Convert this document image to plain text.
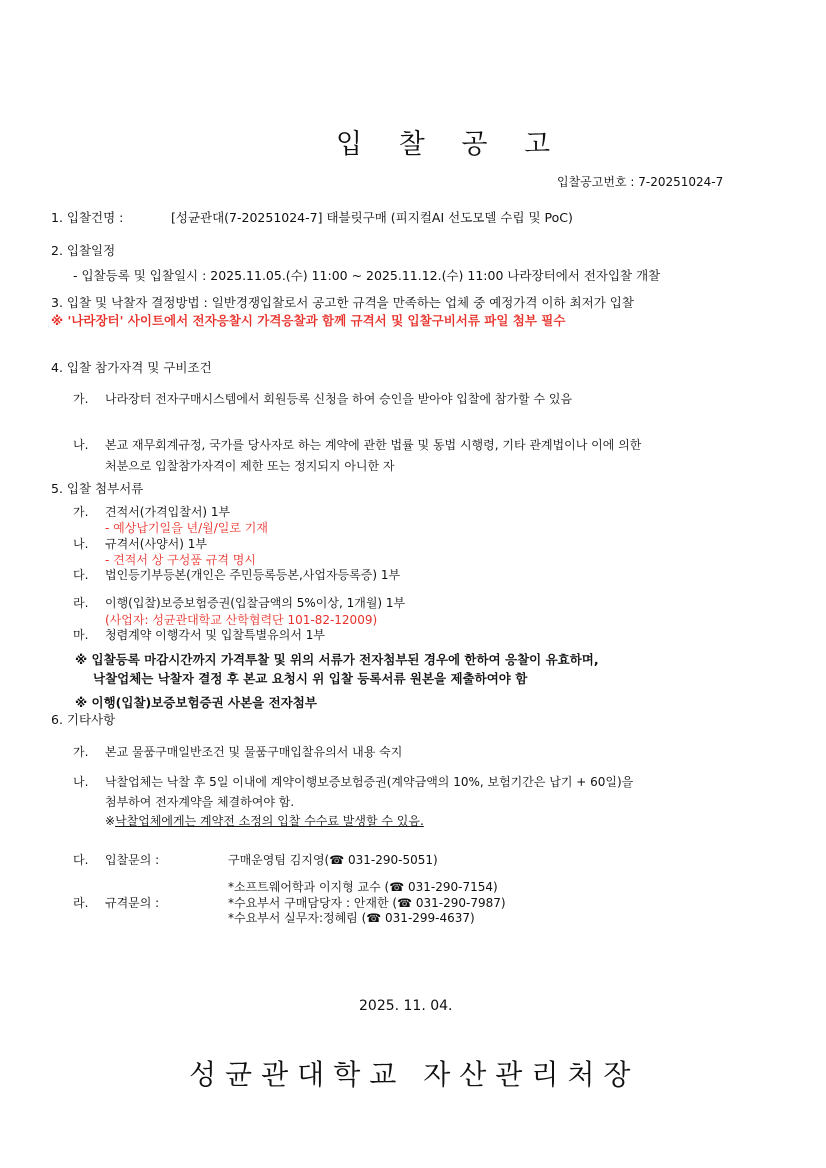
입 찰 공 고
입찰공고번호 : 7-20251024-7
1. 입찰건명 :	[성균관대(7-20251024-7] 태블릿구매 (피지컬AI 선도모델 수립 및 PoC)
2. 입찰일정
- 입찰등록 및 입찰일시 : 2025.11.05.(수) 11:00 ~ 2025.11.12.(수) 11:00 나라장터에서 전자입찰 개찰
3. 입찰 및 낙찰자 결정방법 : 일반경쟁입찰로서 공고한 규격을 만족하는 업체 중 예정가격 이하 최저가 입찰
※ '나라장터' 사이트에서 전자응찰시 가격응찰과 함께 규격서 및 입찰구비서류 파일 첨부 필수
4. 입찰 참가자격 및 구비조건
가. 나라장터 전자구매시스템에서 회원등록 신청을 하여 승인을 받아야 입찰에 참가할 수 있음
나. 본교 재무회계규정, 국가를 당사자로 하는 계약에 관한 법률 및 동법 시행령, 기타 관계법이나 이에 의한
처분으로 입찰참가자격이 제한 또는 정지되지 아니한 자
5. 입찰 첨부서류
가. 견적서(가격입찰서) 1부
- 예상납기일을 년/월/일로 기재
나. 규격서(사양서) 1부
- 견적서 상 구성품 규격 명시
다. 법인등기부등본(개인은 주민등록등본,사업자등록증) 1부
라. 이행(입찰)보증보험증권(입찰금액의 5%이상, 1개월) 1부
(사업자: 성균관대학교 산학협력단 101-82-12009)
마. 청렴계약 이행각서 및 입찰특별유의서 1부
※ 입찰등록 마감시간까지 가격투찰 및 위의 서류가 전자첨부된 경우에 한하여 응찰이 유효하며,
낙찰업체는 낙찰자 결정 후 본교 요청시 위 입찰 등록서류 원본을 제출하여야 함
※ 이행(입찰)보증보험증권 사본을 전자첨부
6. 기타사항
가. 본교 물품구매일반조건 및 물품구매입찰유의서 내용 숙지
나. 낙찰업체는 낙찰 후 5일 이내에 계약이행보증보험증권(계약금액의 10%, 보험기간은 납기 + 60일)을
첨부하여 전자계약을 체결하여야 함.
※낙찰업체에게는 계약전 소정의 입찰 수수료 발생할 수 있음.
다. 입찰문의 :	구매운영팀 김지영(☎ 031-290-5051)
*소프트웨어학과 이지형 교수 (☎ 031-290-7154)
라. 규격문의 :	*수요부서 구매담당자 : 안재한 (☎ 031-290-7987)
*수요부서 실무자:정혜림 (☎ 031-299-4637)
2025. 11. 04.
성균관대학교 자산관리처장
